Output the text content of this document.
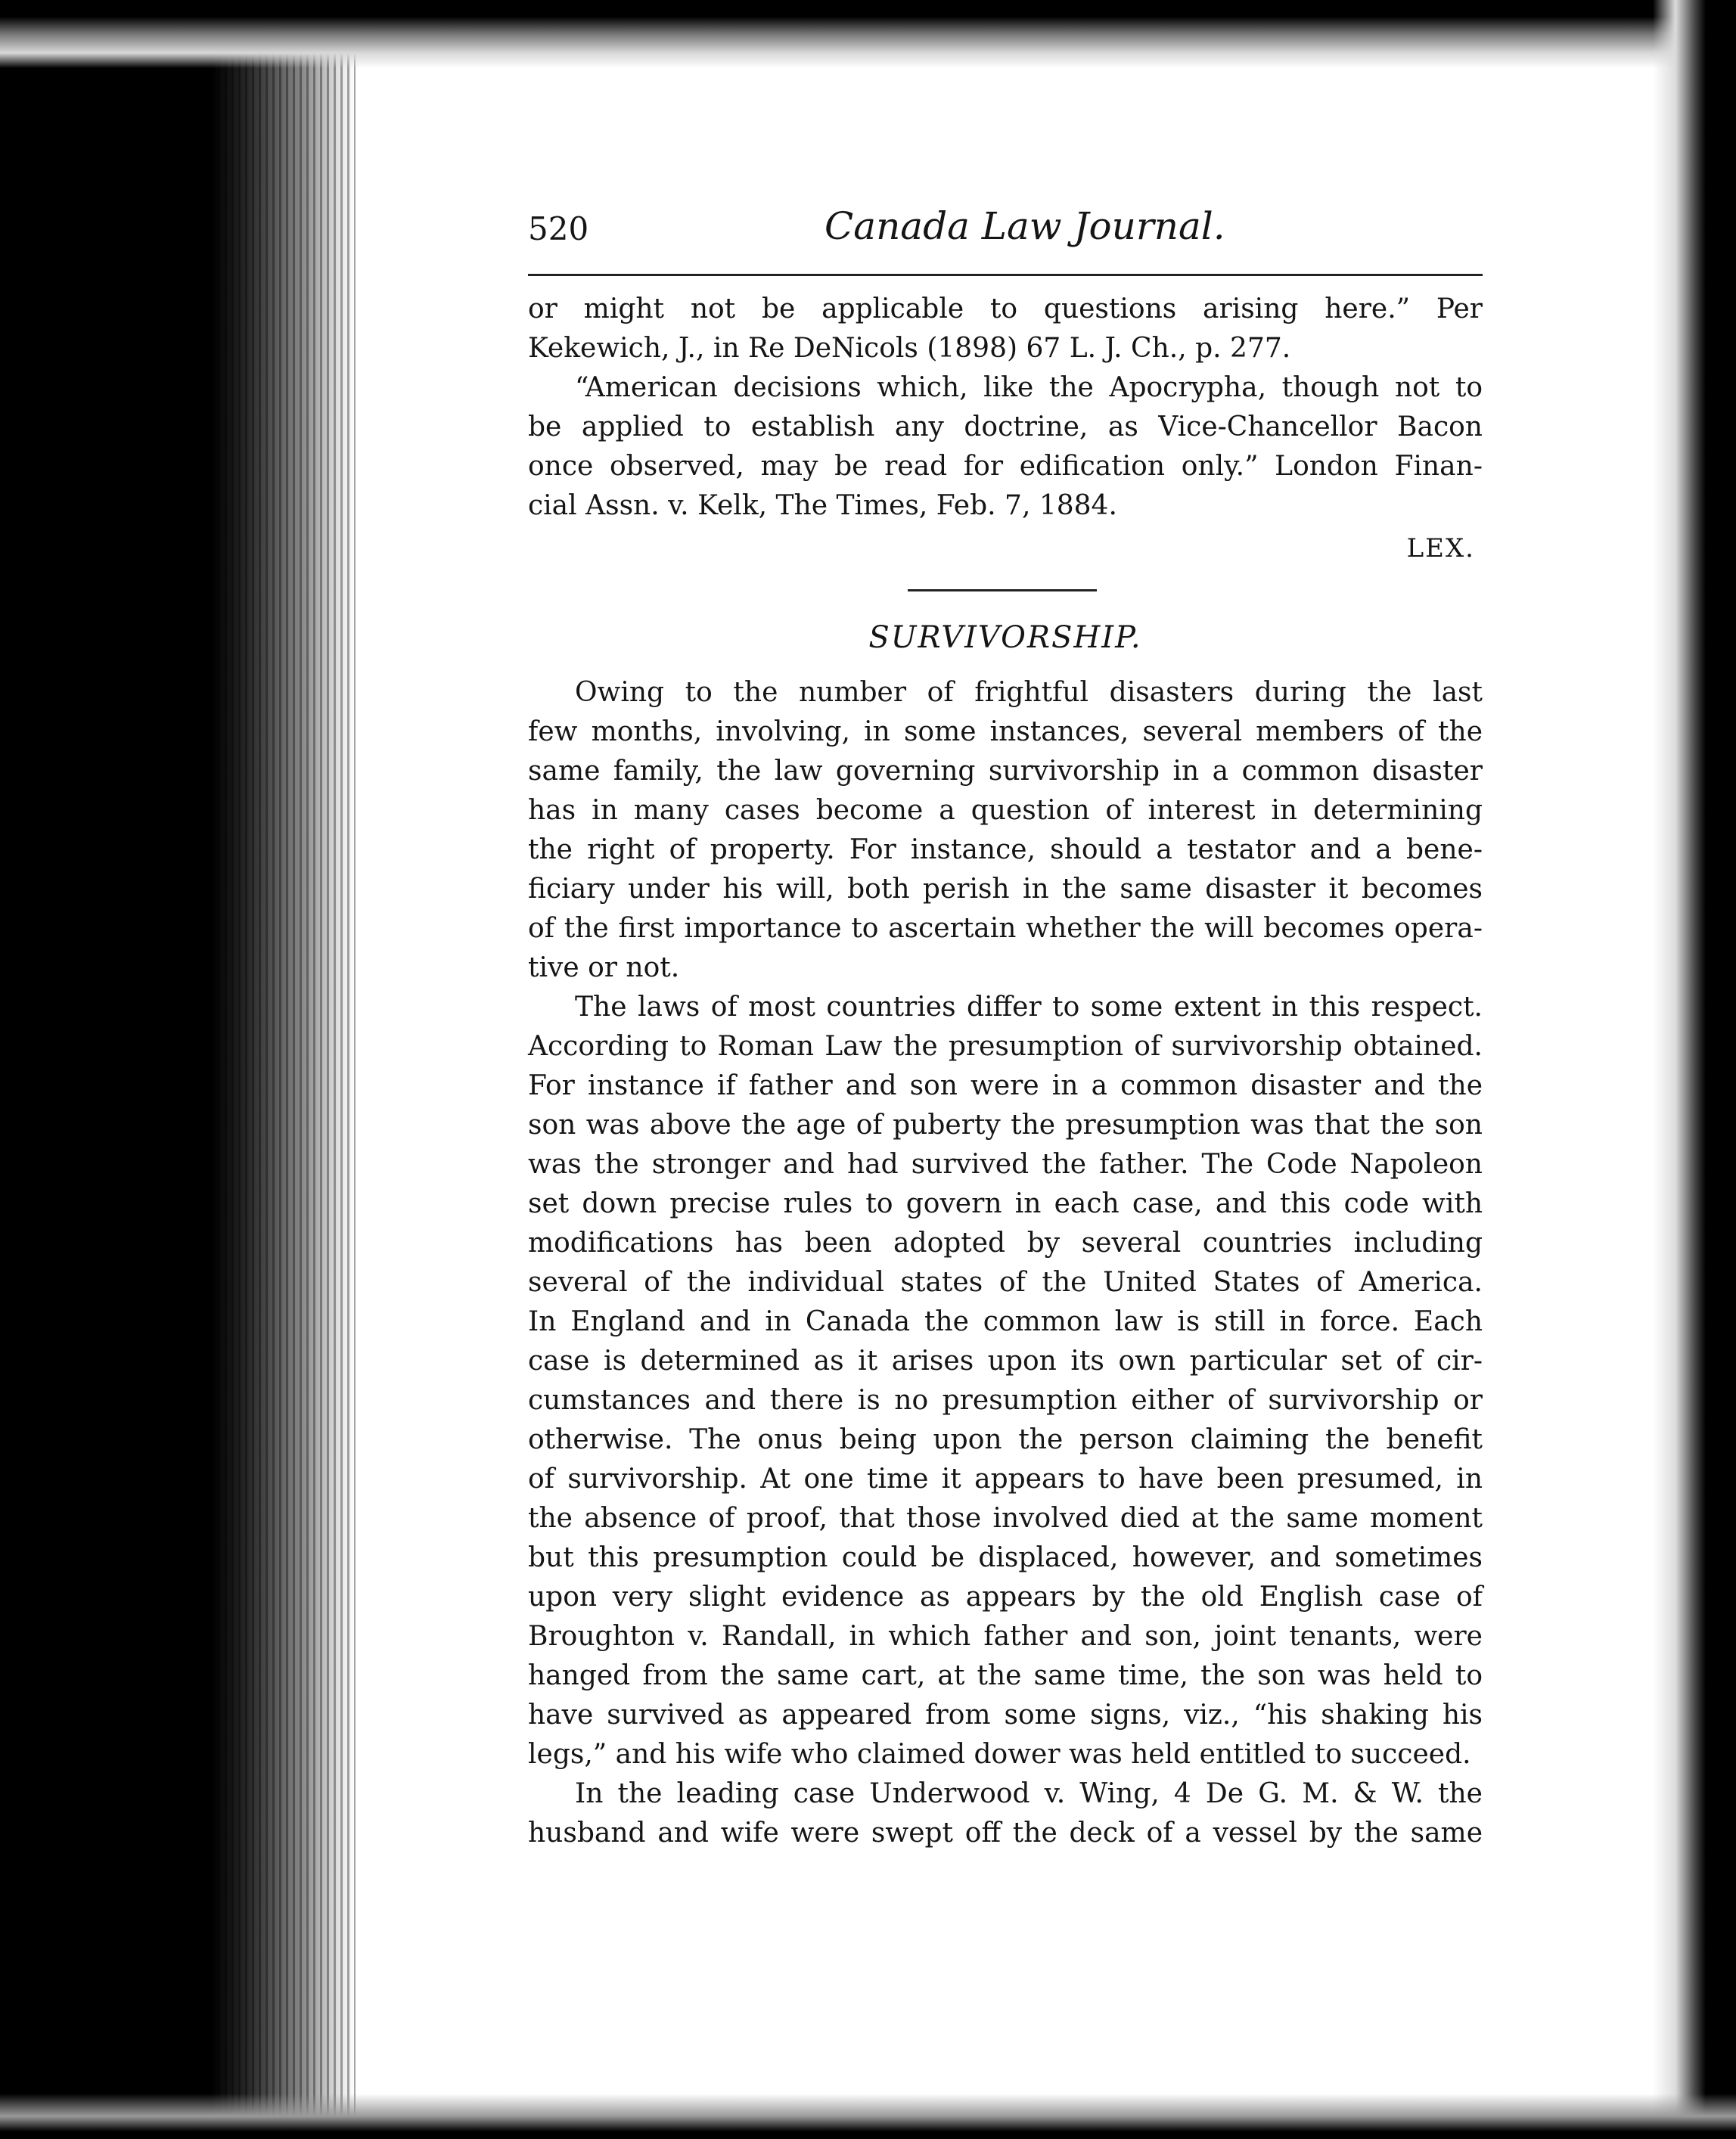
520	Canada Law Journal.
or might not be applicable to questions arising here.” Per
Kekewich, J., in Re DeNicols (1898) 67 L. J. Ch., p. 277.
“American decisions which, like the Apocrypha, though not to
be applied to establish any doctrine, as Vice-Chancellor Bacon
once observed, may be read for edification only.” London Finan-
cial Assn. v. Kelk, The Times, Feb. 7, 1884.
LEX.
SURVIVORSHIP.
Owing to the number of frightful disasters during the last
few months, involving, in some instances, several members of the
same family, the law governing survivorship in a common disaster
has in many cases become a question of interest in determining
the right of property. For instance, should a testator and a bene-
ficiary under his will, both perish in the same disaster it becomes
of the first importance to ascertain whether the will becomes opera-
tive or not.
The laws of most countries differ to some extent in this respect.
According to Roman Law the presumption of survivorship obtained.
For instance if father and son were in a common disaster and the
son was above the age of puberty the presumption was that the son
was the stronger and had survived the father. The Code Napoleon
set down precise rules to govern in each case, and this code with
modifications has been adopted by several countries including
several of the individual states of the United States of America.
In England and in Canada the common law is still in force. Each
case is determined as it arises upon its own particular set of cir-
cumstances and there is no presumption either of survivorship or
otherwise. The onus being upon the person claiming the benefit
of survivorship. At one time it appears to have been presumed, in
the absence of proof, that those involved died at the same moment
but this presumption could be displaced, however, and sometimes
upon very slight evidence as appears by the old English case of
Broughton v. Randall, in which father and son, joint tenants, were
hanged from the same cart, at the same time, the son was held to
have survived as appeared from some signs, viz., “his shaking his
legs,” and his wife who claimed dower was held entitled to succeed.
In the leading case Underwood v. Wing, 4 De G. M. & W. the
husband and wife were swept off the deck of a vessel by the same
